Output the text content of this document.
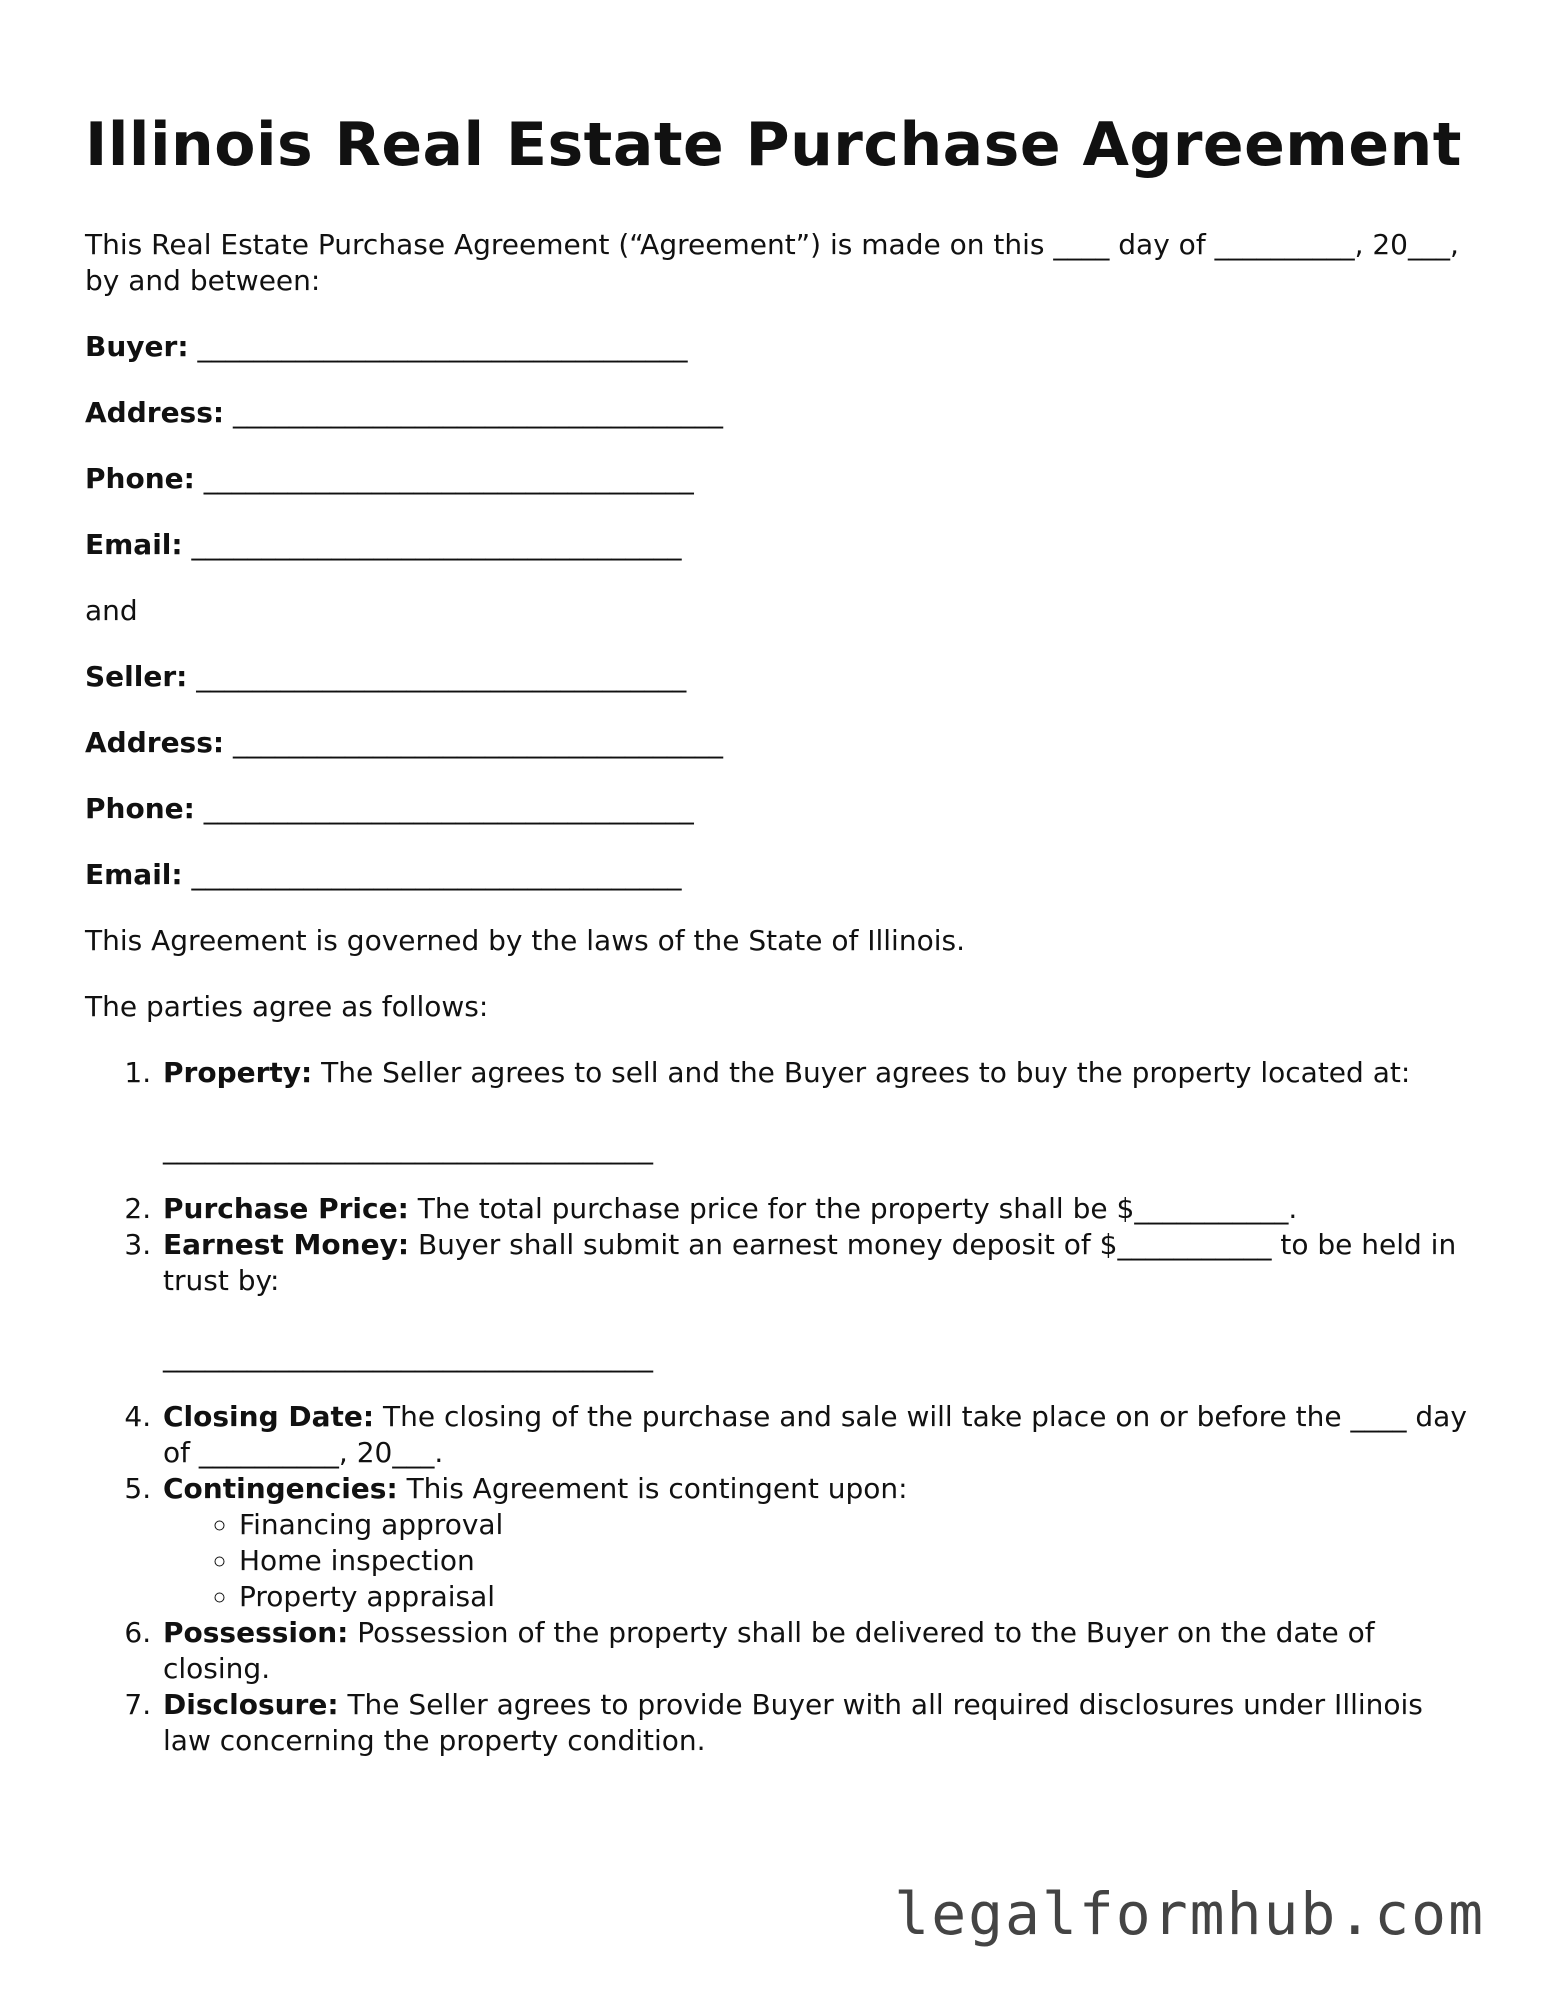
Illinois Real Estate Purchase Agreement

This Real Estate Purchase Agreement (“Agreement”) is made on this ____ day of __________, 20___, by and between:

Buyer: ___________________________________
Address: ___________________________________
Phone: ___________________________________
Email: ___________________________________

and

Seller: ___________________________________
Address: ___________________________________
Phone: ___________________________________
Email: ___________________________________

This Agreement is governed by the laws of the State of Illinois.

The parties agree as follows:

1. Property: The Seller agrees to sell and the Buyer agrees to buy the property located at:
___________________________________
2. Purchase Price: The total purchase price for the property shall be $___________.
3. Earnest Money: Buyer shall submit an earnest money deposit of $___________ to be held in trust by:
___________________________________
4. Closing Date: The closing of the purchase and sale will take place on or before the ____ day of __________, 20___.
5. Contingencies: This Agreement is contingent upon:
◦ Financing approval
◦ Home inspection
◦ Property appraisal
6. Possession: Possession of the property shall be delivered to the Buyer on the date of closing.
7. Disclosure: The Seller agrees to provide Buyer with all required disclosures under Illinois law concerning the property condition.
legalformhub.com
